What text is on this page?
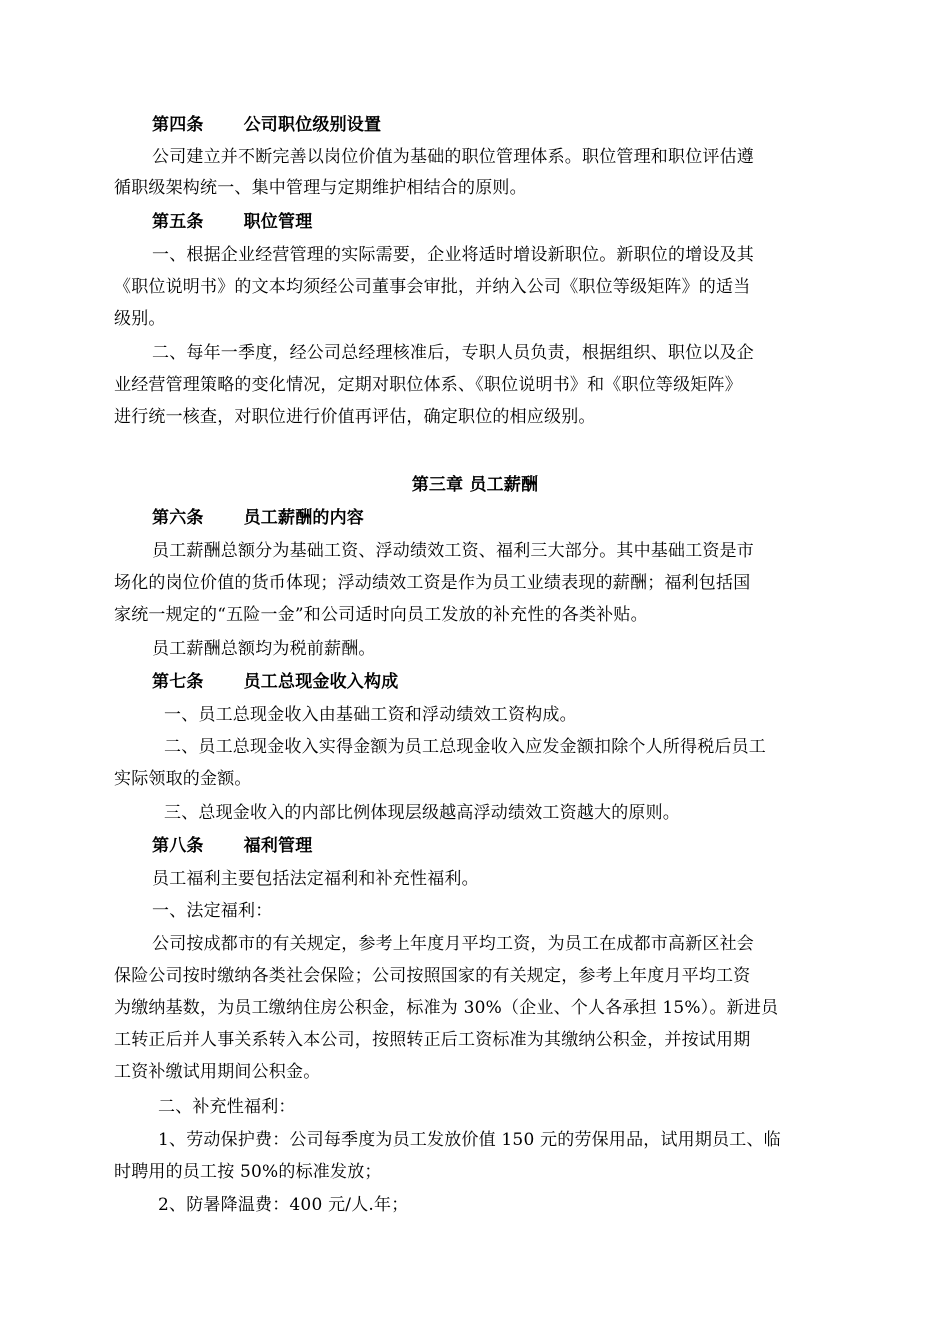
第四条 公司职位级别设置
公司建立并不断完善以岗位价值为基础的职位管理体系。职位管理和职位评估遵
循职级架构统一、集中管理与定期维护相结合的原则。
第五条 职位管理
一、根据企业经营管理的实际需要，企业将适时增设新职位。新职位的增设及其
《职位说明书》的文本均须经公司董事会审批，并纳入公司《职位等级矩阵》的适当
级别。
二、每年一季度，经公司总经理核准后，专职人员负责，根据组织、职位以及企
业经营管理策略的变化情况，定期对职位体系、《职位说明书》和《职位等级矩阵》
进行统一核查，对职位进行价值再评估，确定职位的相应级别。
第三章 员工薪酬
第六条 员工薪酬的内容
员工薪酬总额分为基础工资、浮动绩效工资、福利三大部分。其中基础工资是市
场化的岗位价值的货币体现；浮动绩效工资是作为员工业绩表现的薪酬；福利包括国
家统一规定的“五险一金”和公司适时向员工发放的补充性的各类补贴。
员工薪酬总额均为税前薪酬。
第七条 员工总现金收入构成
一、员工总现金收入由基础工资和浮动绩效工资构成。
二、员工总现金收入实得金额为员工总现金收入应发金额扣除个人所得税后员工
实际领取的金额。
三、总现金收入的内部比例体现层级越高浮动绩效工资越大的原则。
第八条 福利管理
员工福利主要包括法定福利和补充性福利。
一、法定福利：
公司按成都市的有关规定，参考上年度月平均工资，为员工在成都市高新区社会
保险公司按时缴纳各类社会保险；公司按照国家的有关规定，参考上年度月平均工资
为缴纳基数，为员工缴纳住房公积金，标准为 30%（企业、个人各承担 15%）。新进员
工转正后并人事关系转入本公司，按照转正后工资标准为其缴纳公积金，并按试用期
工资补缴试用期间公积金。
二、补充性福利：
1、劳动保护费：公司每季度为员工发放价值 150 元的劳保用品，试用期员工、临
时聘用的员工按 50%的标准发放；
2、防暑降温费：400 元/人.年；
